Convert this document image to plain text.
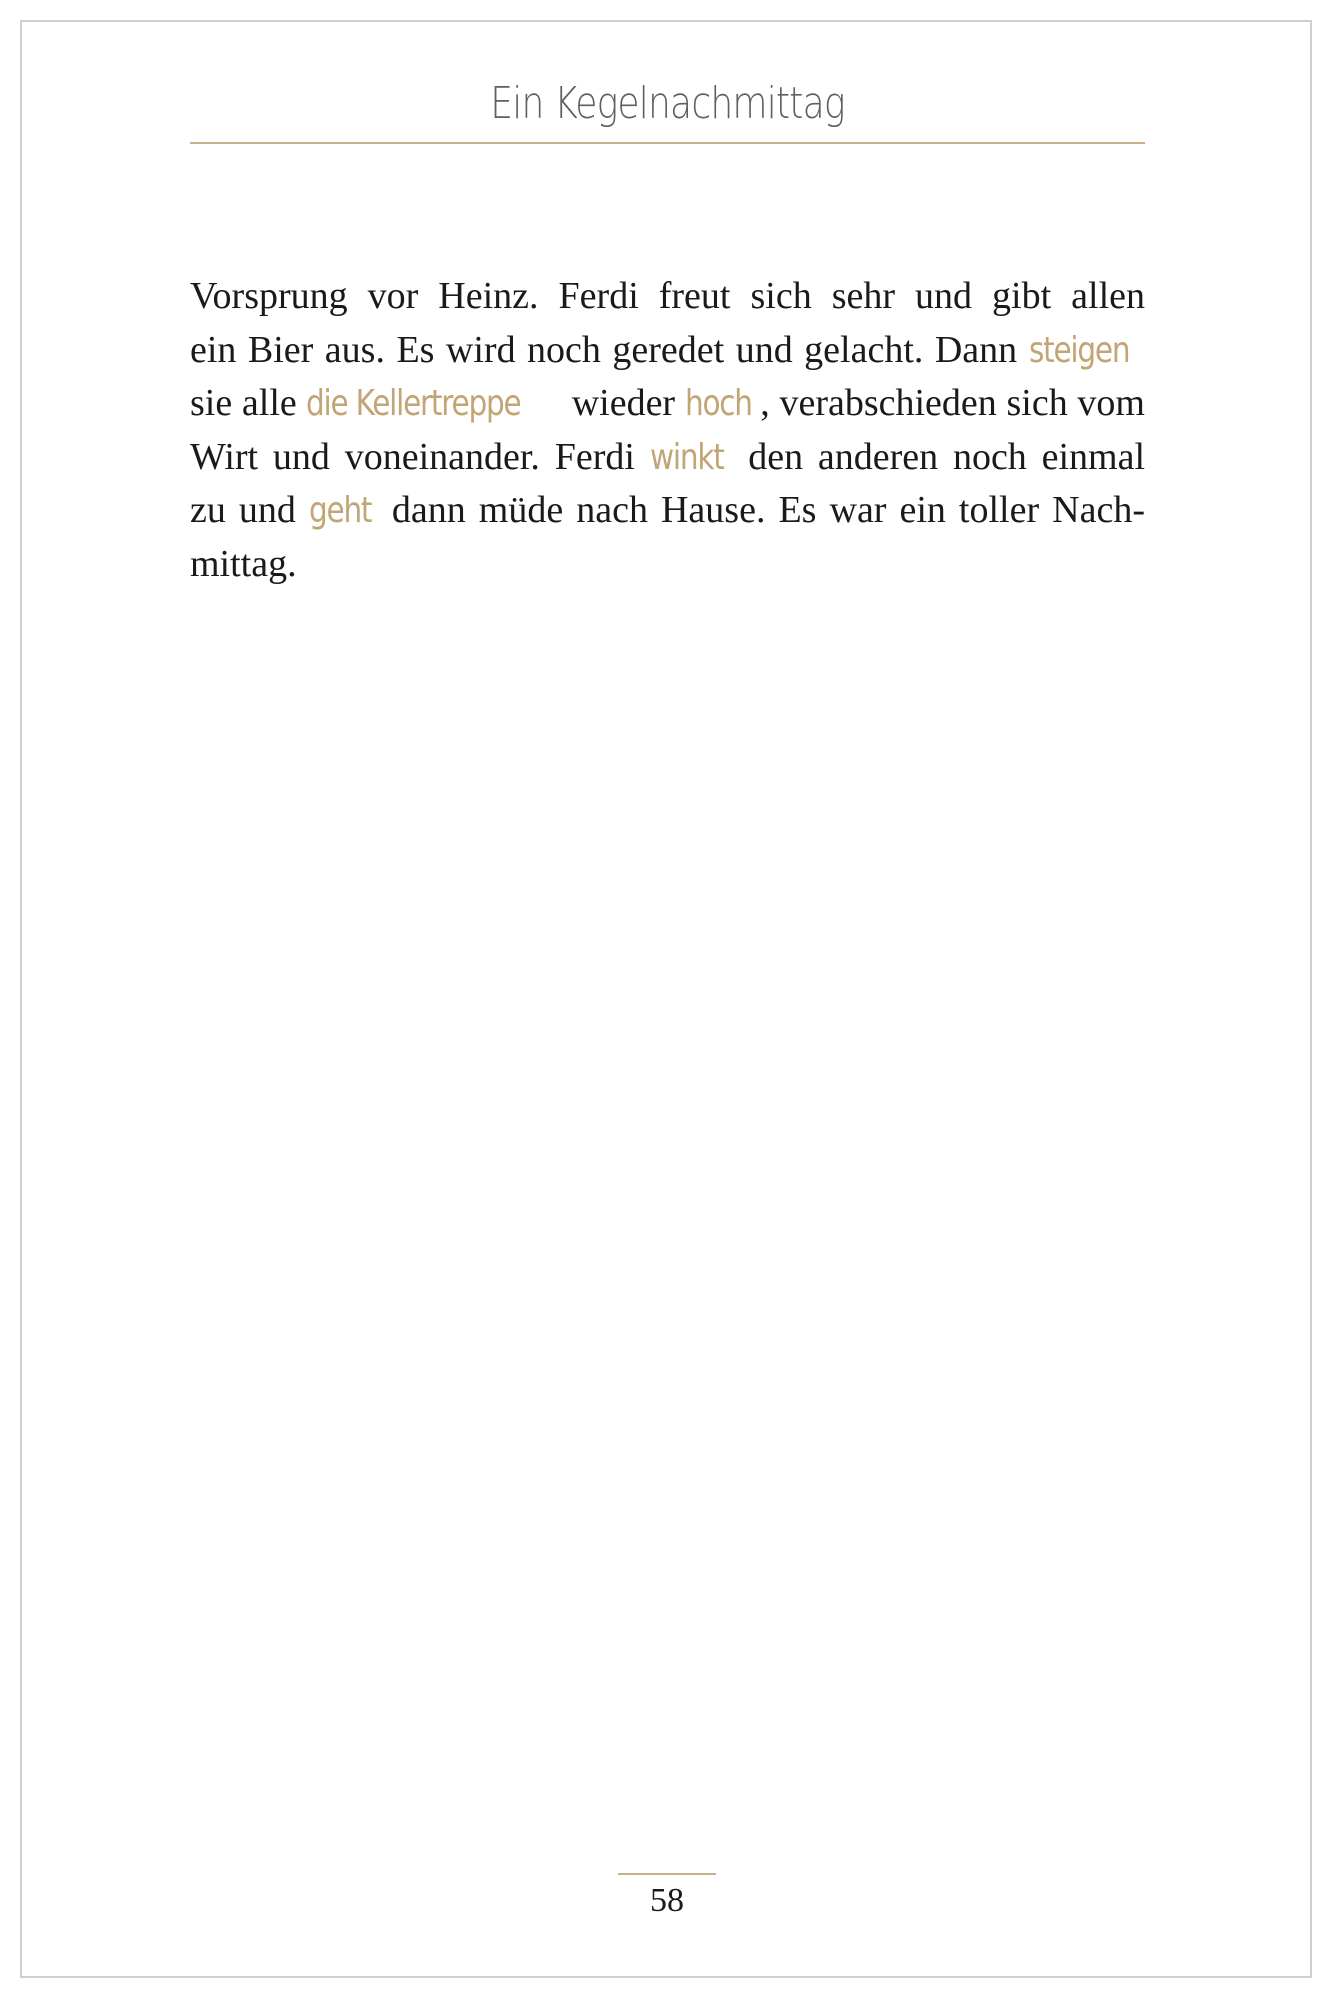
Ein Kegelnachmittag
Vorsprung vor Heinz. Ferdi freut sich sehr und gibt allen
ein Bier aus. Es wird noch geredet und gelacht. Dann steigen
sie alle die Kellertreppe wieder hoch , verabschieden sich vom
Wirt und voneinander. Ferdi winkt den anderen noch einmal
zu und geht dann müde nach Hause. Es war ein toller Nach-
mittag.
58
